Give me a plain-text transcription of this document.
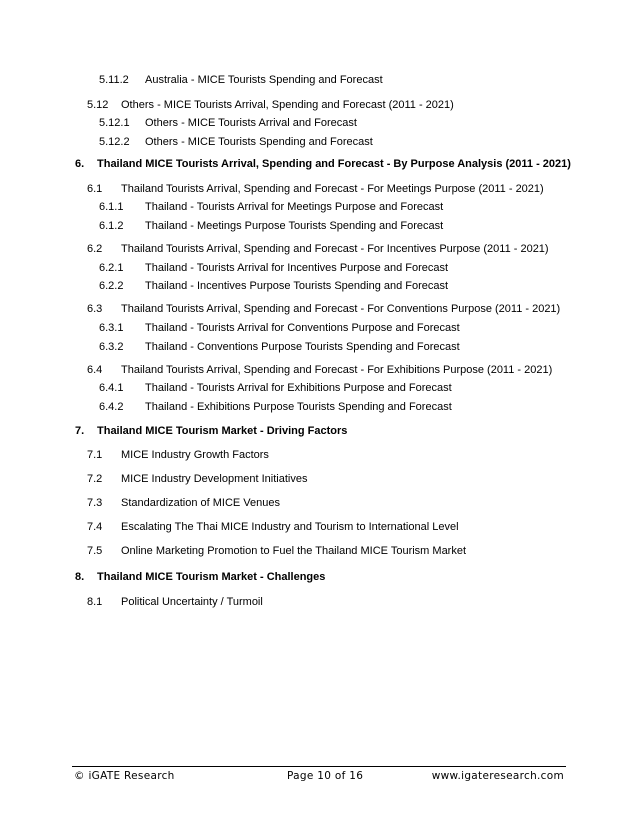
5.11.2 Australia - MICE Tourists Spending and Forecast
5.12 Others - MICE Tourists Arrival, Spending and Forecast (2011 - 2021)
5.12.1 Others - MICE Tourists Arrival and Forecast
5.12.2 Others - MICE Tourists Spending and Forecast
6. Thailand MICE Tourists Arrival, Spending and Forecast - By Purpose Analysis (2011 - 2021)
6.1 Thailand Tourists Arrival, Spending and Forecast - For Meetings Purpose (2011 - 2021)
6.1.1 Thailand - Tourists Arrival for Meetings Purpose and Forecast
6.1.2 Thailand - Meetings Purpose Tourists Spending and Forecast
6.2 Thailand Tourists Arrival, Spending and Forecast - For Incentives Purpose (2011 - 2021)
6.2.1 Thailand - Tourists Arrival for Incentives Purpose and Forecast
6.2.2 Thailand - Incentives Purpose Tourists Spending and Forecast
6.3 Thailand Tourists Arrival, Spending and Forecast - For Conventions Purpose (2011 - 2021)
6.3.1 Thailand - Tourists Arrival for Conventions Purpose and Forecast
6.3.2 Thailand - Conventions Purpose Tourists Spending and Forecast
6.4 Thailand Tourists Arrival, Spending and Forecast - For Exhibitions Purpose (2011 - 2021)
6.4.1 Thailand - Tourists Arrival for Exhibitions Purpose and Forecast
6.4.2 Thailand - Exhibitions Purpose Tourists Spending and Forecast
7. Thailand MICE Tourism Market - Driving Factors
7.1 MICE Industry Growth Factors
7.2 MICE Industry Development Initiatives
7.3 Standardization of MICE Venues
7.4 Escalating The Thai MICE Industry and Tourism to International Level
7.5 Online Marketing Promotion to Fuel the Thailand MICE Tourism Market
8. Thailand MICE Tourism Market - Challenges
8.1 Political Uncertainty / Turmoil
© iGATE Research	Page 10 of 16	www.igateresearch.com
